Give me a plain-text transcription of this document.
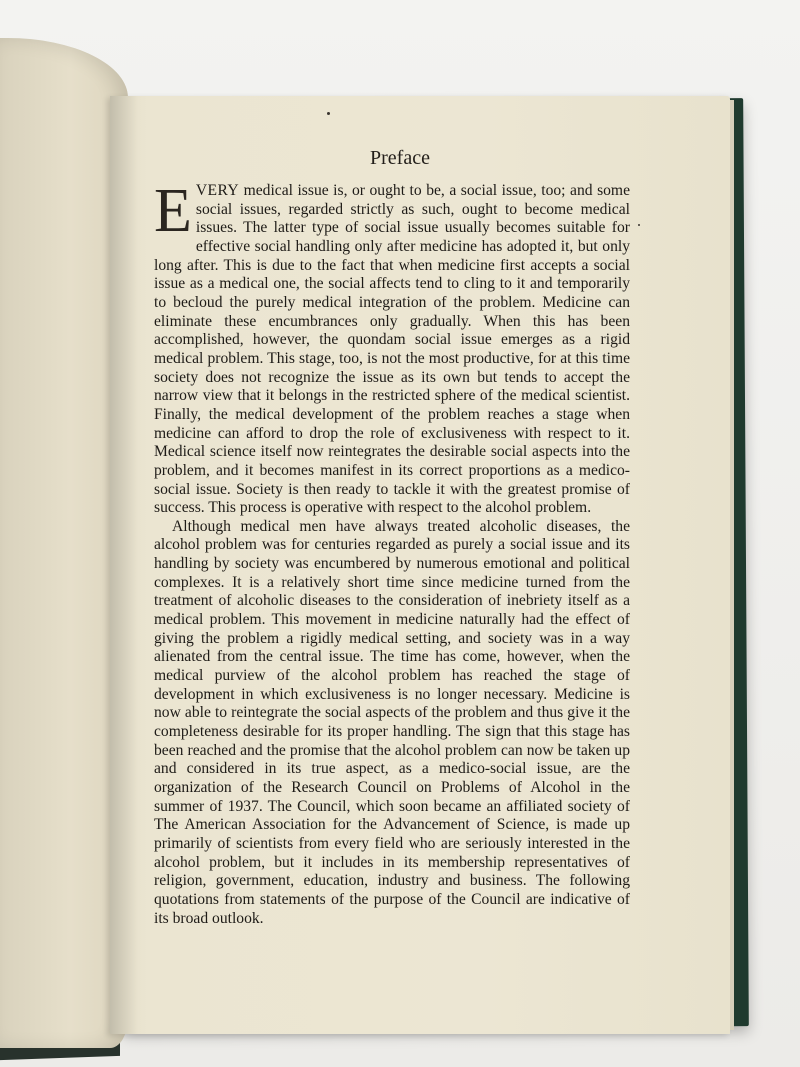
Preface

EVERY medical issue is, or ought to be, a social issue, too; and some social issues, regarded strictly as such, ought to become medical issues. The latter type of social issue usually becomes suitable for effective social handling only after medicine has adopted it, but only long after. This is due to the fact that when medicine first accepts a social issue as a medical one, the social affects tend to cling to it and temporarily to becloud the purely medical integration of the problem. Medicine can eliminate these encumbrances only gradually. When this has been accomplished, however, the quondam social issue emerges as a rigid medical problem. This stage, too, is not the most productive, for at this time society does not recognize the issue as its own but tends to accept the narrow view that it belongs in the restricted sphere of the medical scientist. Finally, the medical development of the problem reaches a stage when medicine can afford to drop the role of exclusiveness with respect to it. Medical science itself now reintegrates the desirable social aspects into the problem, and it becomes manifest in its correct proportions as a medico-social issue. Society is then ready to tackle it with the greatest promise of success. This process is operative with respect to the alcohol problem.

Although medical men have always treated alcoholic diseases, the alcohol problem was for centuries regarded as purely a social issue and its handling by society was encumbered by numerous emotional and political complexes. It is a relatively short time since medicine turned from the treatment of alcoholic diseases to the consideration of inebriety itself as a medical problem. This movement in medicine naturally had the effect of giving the problem a rigidly medical setting, and society was in a way alienated from the central issue. The time has come, however, when the medical purview of the alcohol problem has reached the stage of development in which exclusiveness is no longer necessary. Medicine is now able to reintegrate the social aspects of the problem and thus give it the completeness desirable for its proper handling. The sign that this stage has been reached and the promise that the alcohol problem can now be taken up and considered in its true aspect, as a medico-social issue, are the organization of the Research Council on Problems of Alcohol in the summer of 1937. The Council, which soon became an affiliated society of The American Association for the Advancement of Science, is made up primarily of scientists from every field who are seriously interested in the alcohol problem, but it includes in its membership representatives of religion, government, education, industry and business. The following quotations from statements of the purpose of the Council are indicative of its broad outlook.
